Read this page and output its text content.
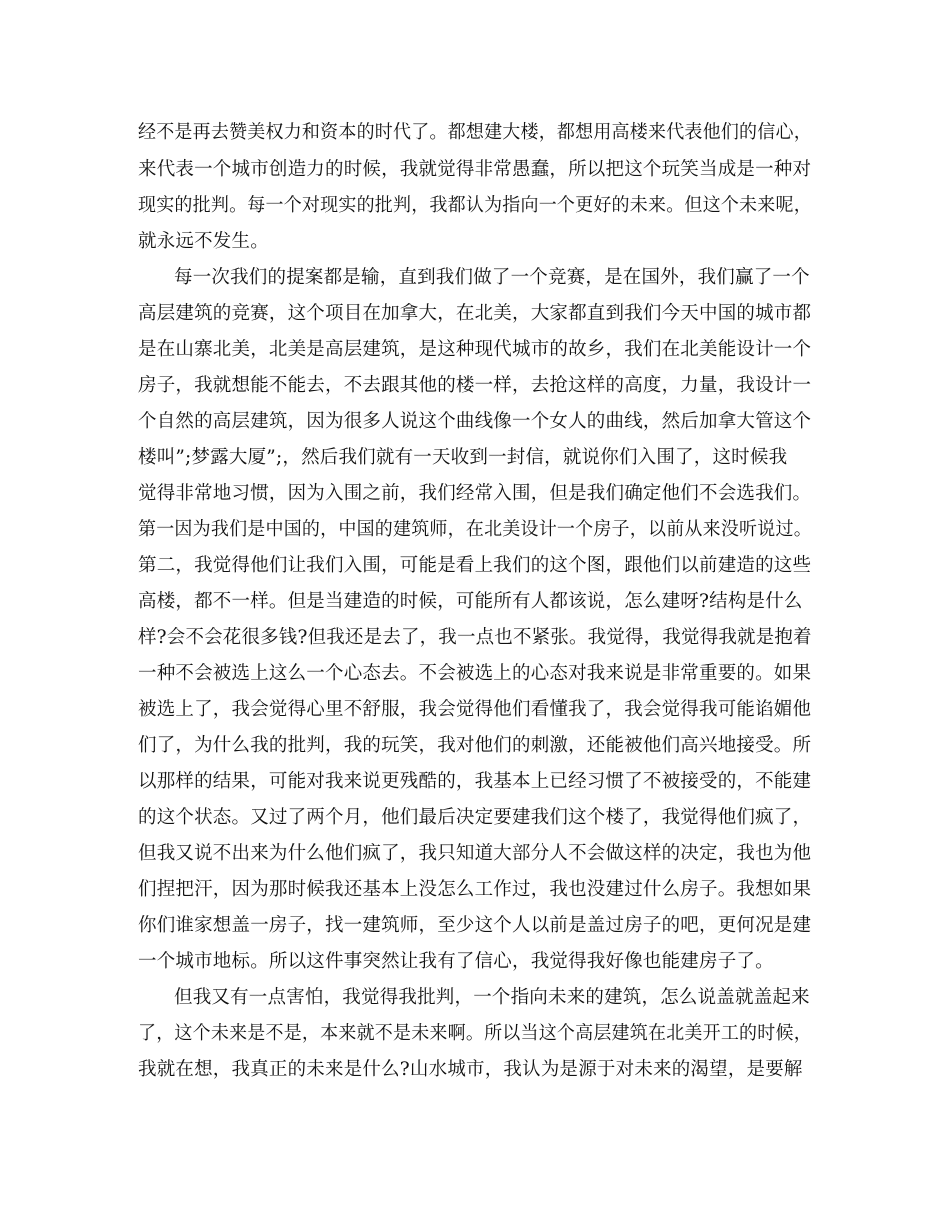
经不是再去赞美权力和资本的时代了。都想建大楼，都想用高楼来代表他们的信心，
来代表一个城市创造力的时候，我就觉得非常愚蠢，所以把这个玩笑当成是一种对
现实的批判。每一个对现实的批判，我都认为指向一个更好的未来。但这个未来呢，
就永远不发生。
每一次我们的提案都是输，直到我们做了一个竞赛，是在国外，我们赢了一个
高层建筑的竞赛，这个项目在加拿大，在北美，大家都直到我们今天中国的城市都
是在山寨北美，北美是高层建筑，是这种现代城市的故乡，我们在北美能设计一个
房子，我就想能不能去，不去跟其他的楼一样，去抢这样的高度，力量，我设计一
个自然的高层建筑，因为很多人说这个曲线像一个女人的曲线，然后加拿大管这个
楼叫”;梦露大厦”;，然后我们就有一天收到一封信，就说你们入围了，这时候我
觉得非常地习惯，因为入围之前，我们经常入围，但是我们确定他们不会选我们。
第一因为我们是中国的，中国的建筑师，在北美设计一个房子，以前从来没听说过。
第二，我觉得他们让我们入围，可能是看上我们的这个图，跟他们以前建造的这些
高楼，都不一样。但是当建造的时候，可能所有人都该说，怎么建呀?结构是什么
样?会不会花很多钱?但我还是去了，我一点也不紧张。我觉得，我觉得我就是抱着
一种不会被选上这么一个心态去。不会被选上的心态对我来说是非常重要的。如果
被选上了，我会觉得心里不舒服，我会觉得他们看懂我了，我会觉得我可能谄媚他
们了，为什么我的批判，我的玩笑，我对他们的刺激，还能被他们高兴地接受。所
以那样的结果，可能对我来说更残酷的，我基本上已经习惯了不被接受的，不能建
的这个状态。又过了两个月，他们最后决定要建我们这个楼了，我觉得他们疯了，
但我又说不出来为什么他们疯了，我只知道大部分人不会做这样的决定，我也为他
们捏把汗，因为那时候我还基本上没怎么工作过，我也没建过什么房子。我想如果
你们谁家想盖一房子，找一建筑师，至少这个人以前是盖过房子的吧，更何况是建
一个城市地标。所以这件事突然让我有了信心，我觉得我好像也能建房子了。
但我又有一点害怕，我觉得我批判，一个指向未来的建筑，怎么说盖就盖起来
了，这个未来是不是，本来就不是未来啊。所以当这个高层建筑在北美开工的时候，
我就在想，我真正的未来是什么?山水城市，我认为是源于对未来的渴望，是要解
